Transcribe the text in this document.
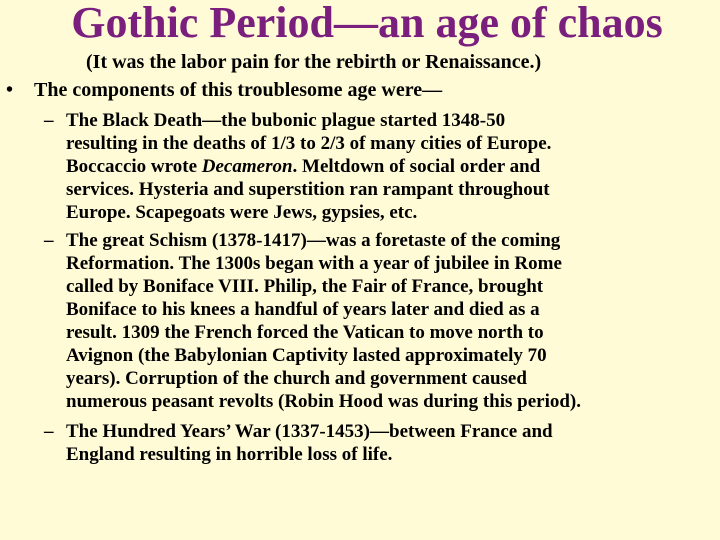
Gothic Period—an age of chaos
(It was the labor pain for the rebirth or Renaissance.)
• The components of this troublesome age were—
– The Black Death—the bubonic plague started 1348-50
resulting in the deaths of 1/3 to 2/3 of many cities of Europe.
Boccaccio wrote Decameron. Meltdown of social order and
services. Hysteria and superstition ran rampant throughout
Europe. Scapegoats were Jews, gypsies, etc.
– The great Schism (1378-1417)—was a foretaste of the coming
Reformation. The 1300s began with a year of jubilee in Rome
called by Boniface VIII. Philip, the Fair of France, brought
Boniface to his knees a handful of years later and died as a
result. 1309 the French forced the Vatican to move north to
Avignon (the Babylonian Captivity lasted approximately 70
years). Corruption of the church and government caused
numerous peasant revolts (Robin Hood was during this period).
– The Hundred Years’ War (1337-1453)—between France and
England resulting in horrible loss of life.
